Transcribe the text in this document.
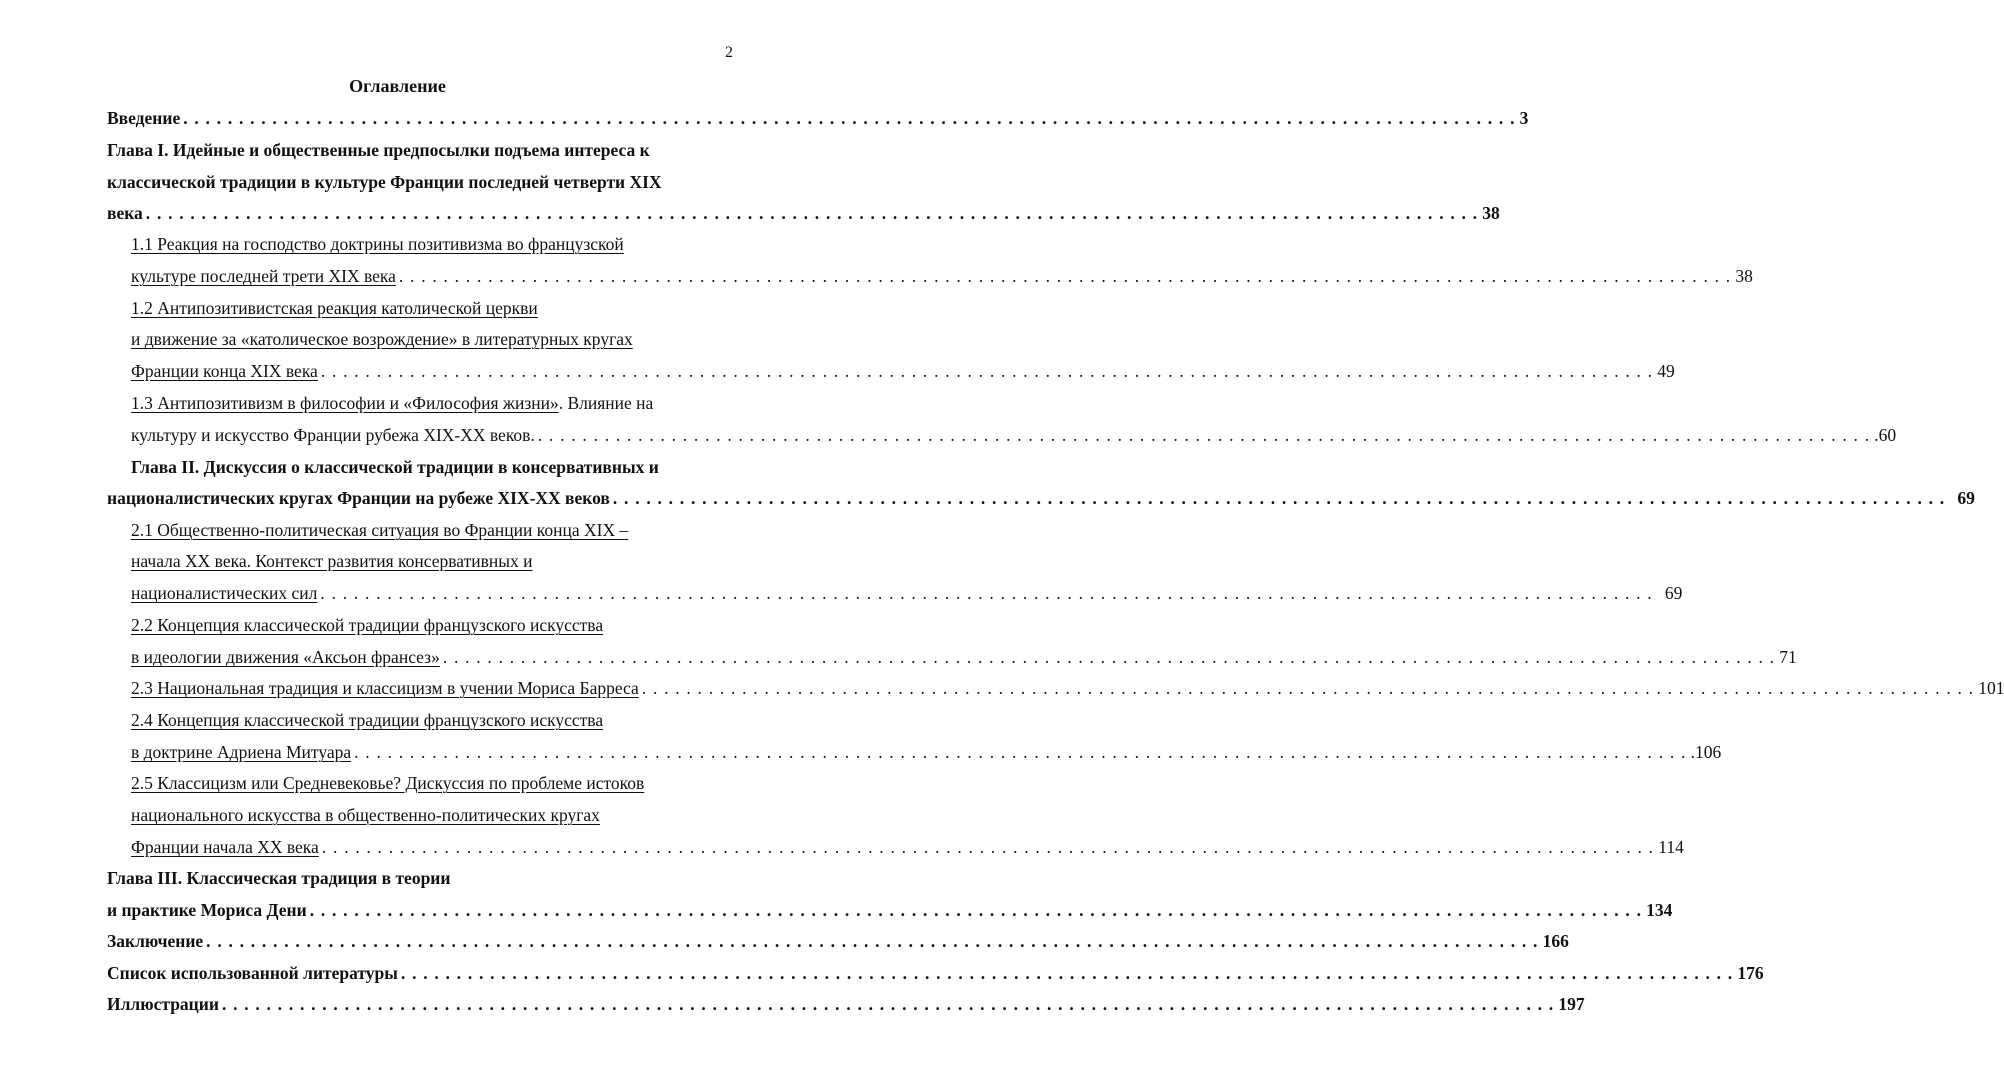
2
Оглавление
Введение . . . . . . . . . . . . . . . . . . . . . . . . . . . . . . . . . . . . . . . . . . . . . . . . . . . . . . . . . . . . . . . . . . . . . . . . . . . . . . . . . . . . . . . . . . . . . . . . . . . . . . . . . . . . . . . . . . . . . . . . 3
Глава I. Идейные и общественные предпосылки подъема интереса к
классической традиции в культуре Франции последней четверти XIX
века . . . . . . . . . . . . . . . . . . . . . . . . . . . . . . . . . . . . . . . . . . . . . . . . . . . . . . . . . . . . . . . . . . . . . . . . . . . . . . . . . . . . . . . . . . . . . . . . . . . . . . . . . . . . . . . . . . . . . . . . 38
1.1 Реакция на господство доктрины позитивизма во французской
культуре последней трети XIX века . . . . . . . . . . . . . . . . . . . . . . . . . . . . . . . . . . . . . . . . . . . . . . . . . . . . . . . . . . . . . . . . . . . . . . . . . . . . . . . . . . . . . . . . . . . . . . . . . . . . . . . . . . . . . . . . . . . . . . . . 38
1.2 Антипозитивистская реакция католической церкви
и движение за «католическое возрождение» в литературных кругах
Франции конца XIX века . . . . . . . . . . . . . . . . . . . . . . . . . . . . . . . . . . . . . . . . . . . . . . . . . . . . . . . . . . . . . . . . . . . . . . . . . . . . . . . . . . . . . . . . . . . . . . . . . . . . . . . . . . . . . . . . . . . . . . . . 49
1.3 Антипозитивизм в философии и «Философия жизни». Влияние на
культуру и искусство Франции рубежа XIX-XX веков. . . . . . . . . . . . . . . . . . . . . . . . . . . . . . . . . . . . . . . . . . . . . . . . . . . . . . . . . . . . . . . . . . . . . . . . . . . . . . . . . . . . . . . . . . . . . . . . . . . . . . . . . . . . . . . . . . . . . . . . . .60
Глава II. Дискуссия о классической традиции в консервативных и
националистических кругах Франции на рубеже XIX-XX веков . . . . . . . . . . . . . . . . . . . . . . . . . . . . . . . . . . . . . . . . . . . . . . . . . . . . . . . . . . . . . . . . . . . . . . . . . . . . . . . . . . . . . . . . . . . . . . . . . . . . . . . . . . . . . . . . . . . . . . . . 69
2.1 Общественно-политическая ситуация во Франции конца XIX –
начала XX века. Контекст развития консервативных и
националистических сил . . . . . . . . . . . . . . . . . . . . . . . . . . . . . . . . . . . . . . . . . . . . . . . . . . . . . . . . . . . . . . . . . . . . . . . . . . . . . . . . . . . . . . . . . . . . . . . . . . . . . . . . . . . . . . . . . . . . . . . . 69
2.2 Концепция классической традиции французского искусства
в идеологии движения «Аксьон франсез» . . . . . . . . . . . . . . . . . . . . . . . . . . . . . . . . . . . . . . . . . . . . . . . . . . . . . . . . . . . . . . . . . . . . . . . . . . . . . . . . . . . . . . . . . . . . . . . . . . . . . . . . . . . . . . . . . . . . . . . . 71
2.3 Национальная традиция и классицизм в учении Мориса Барреса . . . . . . . . . . . . . . . . . . . . . . . . . . . . . . . . . . . . . . . . . . . . . . . . . . . . . . . . . . . . . . . . . . . . . . . . . . . . . . . . . . . . . . . . . . . . . . . . . . . . . . . . . . . . . . . . . . . . . . . . 101
2.4 Концепция классической традиции французского искусства
в доктрине Адриена Митуара . . . . . . . . . . . . . . . . . . . . . . . . . . . . . . . . . . . . . . . . . . . . . . . . . . . . . . . . . . . . . . . . . . . . . . . . . . . . . . . . . . . . . . . . . . . . . . . . . . . . . . . . . . . . . . . . . . . . . . . . .106
2.5 Классицизм или Средневековье? Дискуссия по проблеме истоков
национального искусства в общественно-политических кругах
Франции начала XX века . . . . . . . . . . . . . . . . . . . . . . . . . . . . . . . . . . . . . . . . . . . . . . . . . . . . . . . . . . . . . . . . . . . . . . . . . . . . . . . . . . . . . . . . . . . . . . . . . . . . . . . . . . . . . . . . . . . . . . . . 114
Глава III. Классическая традиция в теории
и практике Мориса Дени . . . . . . . . . . . . . . . . . . . . . . . . . . . . . . . . . . . . . . . . . . . . . . . . . . . . . . . . . . . . . . . . . . . . . . . . . . . . . . . . . . . . . . . . . . . . . . . . . . . . . . . . . . . . . . . . . . . . . . . . 134
Заключение . . . . . . . . . . . . . . . . . . . . . . . . . . . . . . . . . . . . . . . . . . . . . . . . . . . . . . . . . . . . . . . . . . . . . . . . . . . . . . . . . . . . . . . . . . . . . . . . . . . . . . . . . . . . . . . . . . . . . . . . 166
Список использованной литературы . . . . . . . . . . . . . . . . . . . . . . . . . . . . . . . . . . . . . . . . . . . . . . . . . . . . . . . . . . . . . . . . . . . . . . . . . . . . . . . . . . . . . . . . . . . . . . . . . . . . . . . . . . . . . . . . . . . . . . . . 176
Иллюстрации . . . . . . . . . . . . . . . . . . . . . . . . . . . . . . . . . . . . . . . . . . . . . . . . . . . . . . . . . . . . . . . . . . . . . . . . . . . . . . . . . . . . . . . . . . . . . . . . . . . . . . . . . . . . . . . . . . . . . . . . 197
